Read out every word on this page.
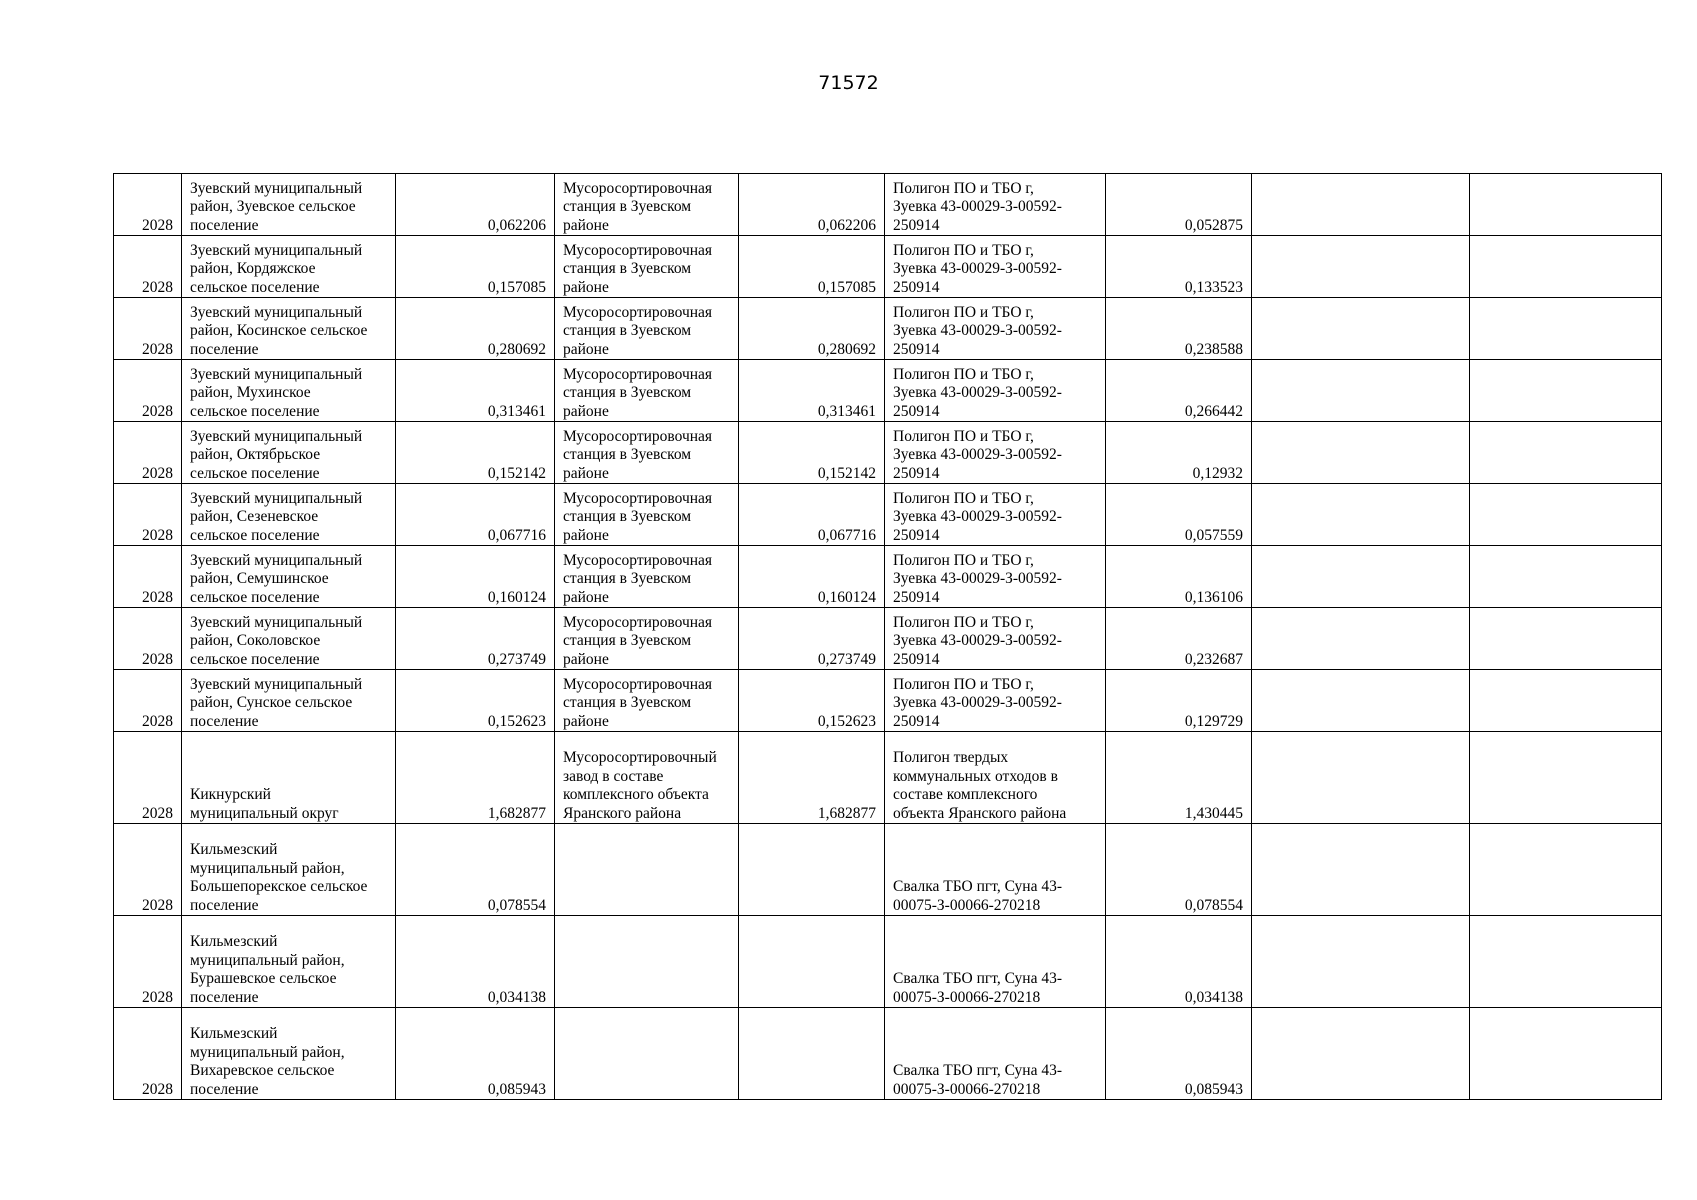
71572
2028	Зуевский муниципальный
район, Зуевское сельское
поселение	0,062206	Мусоросортировочная
станция в Зуевском
районе	0,062206	Полигон ПО и ТБО г,
Зуевка 43-00029-З-00592-
250914	0,052875		
2028	Зуевский муниципальный
район, Кордяжское
сельское поселение	0,157085	Мусоросортировочная
станция в Зуевском
районе	0,157085	Полигон ПО и ТБО г,
Зуевка 43-00029-З-00592-
250914	0,133523		
2028	Зуевский муниципальный
район, Косинское сельское
поселение	0,280692	Мусоросортировочная
станция в Зуевском
районе	0,280692	Полигон ПО и ТБО г,
Зуевка 43-00029-З-00592-
250914	0,238588		
2028	Зуевский муниципальный
район, Мухинское
сельское поселение	0,313461	Мусоросортировочная
станция в Зуевском
районе	0,313461	Полигон ПО и ТБО г,
Зуевка 43-00029-З-00592-
250914	0,266442		
2028	Зуевский муниципальный
район, Октябрьское
сельское поселение	0,152142	Мусоросортировочная
станция в Зуевском
районе	0,152142	Полигон ПО и ТБО г,
Зуевка 43-00029-З-00592-
250914	0,12932		
2028	Зуевский муниципальный
район, Сезеневское
сельское поселение	0,067716	Мусоросортировочная
станция в Зуевском
районе	0,067716	Полигон ПО и ТБО г,
Зуевка 43-00029-З-00592-
250914	0,057559		
2028	Зуевский муниципальный
район, Семушинское
сельское поселение	0,160124	Мусоросортировочная
станция в Зуевском
районе	0,160124	Полигон ПО и ТБО г,
Зуевка 43-00029-З-00592-
250914	0,136106		
2028	Зуевский муниципальный
район, Соколовское
сельское поселение	0,273749	Мусоросортировочная
станция в Зуевском
районе	0,273749	Полигон ПО и ТБО г,
Зуевка 43-00029-З-00592-
250914	0,232687		
2028	Зуевский муниципальный
район, Сунское сельское
поселение	0,152623	Мусоросортировочная
станция в Зуевском
районе	0,152623	Полигон ПО и ТБО г,
Зуевка 43-00029-З-00592-
250914	0,129729		
2028	Кикнурский
муниципальный округ	1,682877	Мусоросортировочный
завод в составе
комплексного объекта
Яранского района	1,682877	Полигон твердых
коммунальных отходов в
составе комплексного
объекта Яранского района	1,430445		
2028	Кильмезский
муниципальный район,
Большепорекское сельское
поселение	0,078554			Свалка ТБО пгт, Суна 43-
00075-З-00066-270218	0,078554		
2028	Кильмезский
муниципальный район,
Бурашевское сельское
поселение	0,034138			Свалка ТБО пгт, Суна 43-
00075-З-00066-270218	0,034138		
2028	Кильмезский
муниципальный район,
Вихаревское сельское
поселение	0,085943			Свалка ТБО пгт, Суна 43-
00075-З-00066-270218	0,085943		
